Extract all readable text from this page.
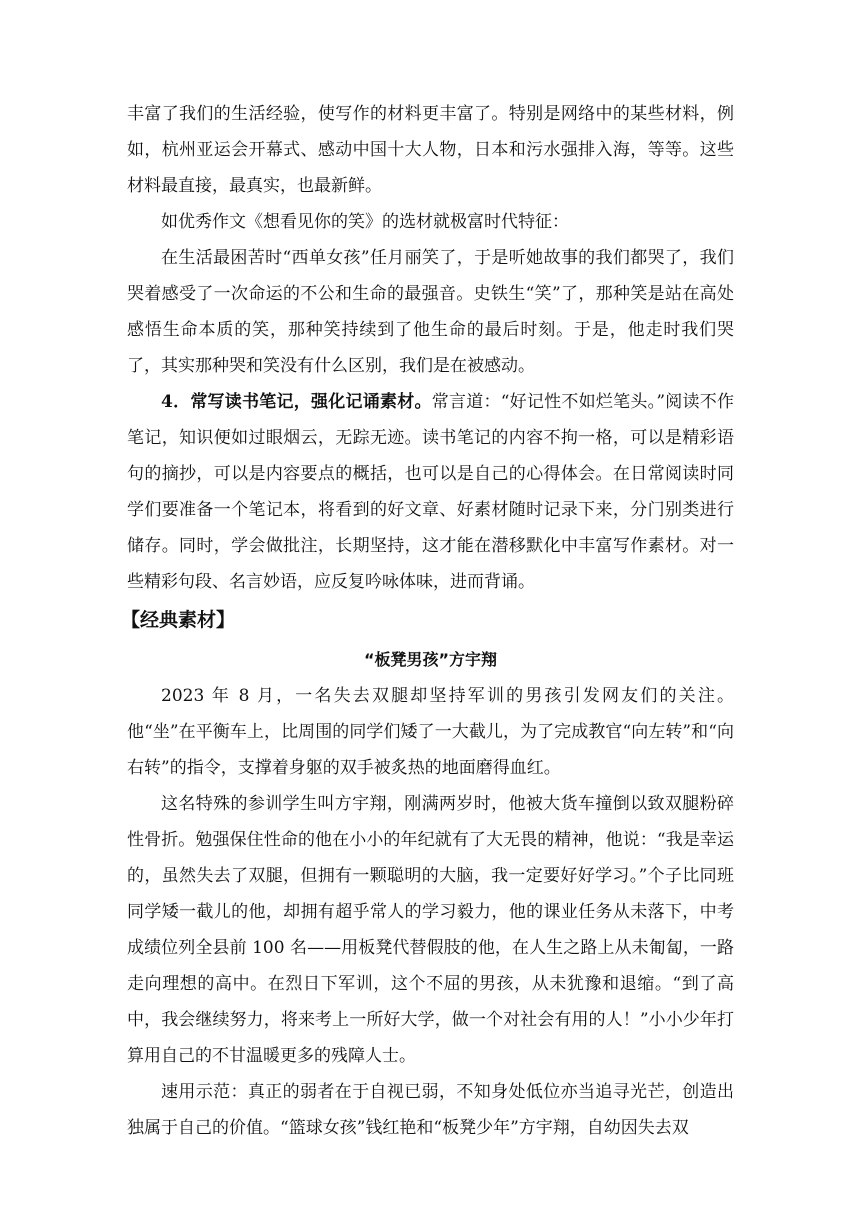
丰富了我们的生活经验，使写作的材料更丰富了。特别是网络中的某些材料，例如，杭州亚运会开幕式、感动中国十大人物，日本和污水强排入海，等等。这些材料最直接，最真实，也最新鲜。

如优秀作文《想看见你的笑》的选材就极富时代特征：

在生活最困苦时“西单女孩”任月丽笑了，于是听她故事的我们都哭了，我们哭着感受了一次命运的不公和生命的最强音。史铁生“笑”了，那种笑是站在高处感悟生命本质的笑，那种笑持续到了他生命的最后时刻。于是，他走时我们哭了，其实那种哭和笑没有什么区别，我们是在被感动。

4．常写读书笔记，强化记诵素材。常言道：“好记性不如烂笔头。”阅读不作笔记，知识便如过眼烟云，无踪无迹。读书笔记的内容不拘一格，可以是精彩语句的摘抄，可以是内容要点的概括，也可以是自己的心得体会。在日常阅读时同学们要准备一个笔记本，将看到的好文章、好素材随时记录下来，分门别类进行储存。同时，学会做批注，长期坚持，这才能在潜移默化中丰富写作素材。对一些精彩句段、名言妙语，应反复吟咏体味，进而背诵。

【经典素材】
“板凳男孩”方宇翔

2023 年 8 月，一名失去双腿却坚持军训的男孩引发网友们的关注。他“坐”在平衡车上，比周围的同学们矮了一大截儿，为了完成教官“向左转”和“向右转”的指令，支撑着身躯的双手被炙热的地面磨得血红。

这名特殊的参训学生叫方宇翔，刚满两岁时，他被大货车撞倒以致双腿粉碎性骨折。勉强保住性命的他在小小的年纪就有了大无畏的精神，他说：“我是幸运的，虽然失去了双腿，但拥有一颗聪明的大脑，我一定要好好学习。”个子比同班同学矮一截儿的他，却拥有超乎常人的学习毅力，他的课业任务从未落下，中考成绩位列全县前 100 名——用板凳代替假肢的他，在人生之路上从未匍匐，一路走向理想的高中。在烈日下军训，这个不屈的男孩，从未犹豫和退缩。“到了高中，我会继续努力，将来考上一所好大学，做一个对社会有用的人！”小小少年打算用自己的不甘温暖更多的残障人士。

速用示范：真正的弱者在于自视已弱，不知身处低位亦当追寻光芒，创造出独属于自己的价值。“篮球女孩”钱红艳和“板凳少年”方宇翔，自幼因失去双
